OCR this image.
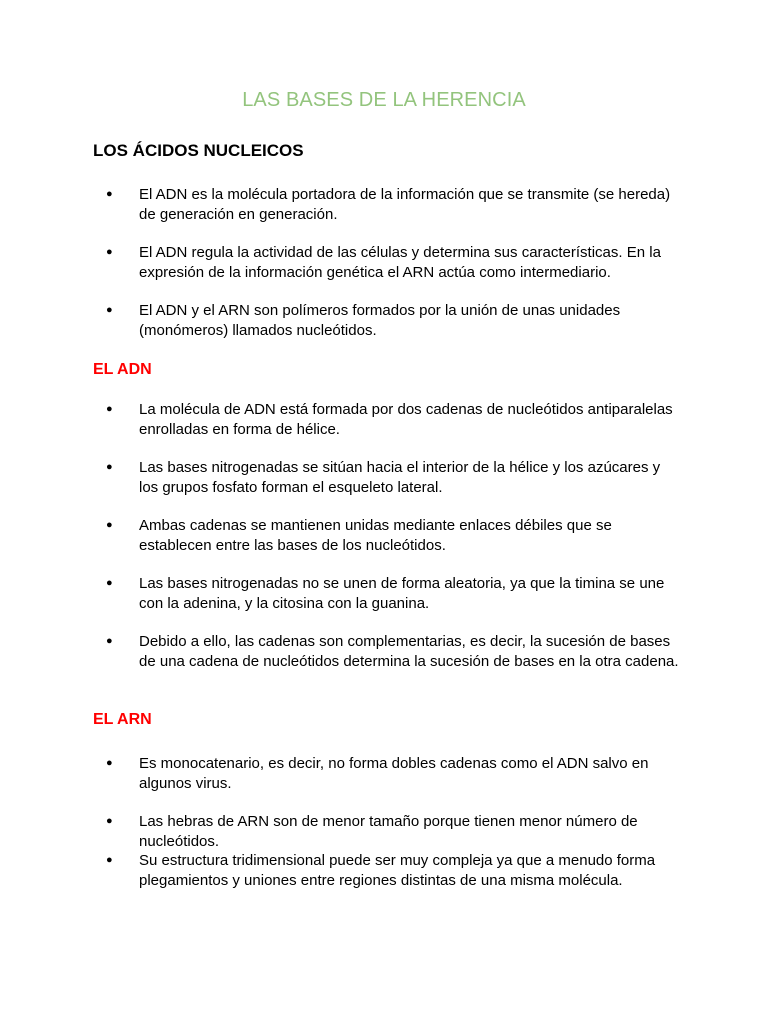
LAS BASES DE LA HERENCIA
LOS ÁCIDOS NUCLEICOS
● El ADN es la molécula portadora de la información que se transmite (se hereda) de generación en generación.
● El ADN regula la actividad de las células y determina sus características. En la expresión de la información genética el ARN actúa como intermediario.
● El ADN y el ARN son polímeros formados por la unión de unas unidades (monómeros) llamados nucleótidos.
EL ADN
● La molécula de ADN está formada por dos cadenas de nucleótidos antiparalelas enrolladas en forma de hélice.
● Las bases nitrogenadas se sitúan hacia el interior de la hélice y los azúcares y los grupos fosfato forman el esqueleto lateral.
● Ambas cadenas se mantienen unidas mediante enlaces débiles que se establecen entre las bases de los nucleótidos.
● Las bases nitrogenadas no se unen de forma aleatoria, ya que la timina se une con la adenina, y la citosina con la guanina.
● Debido a ello, las cadenas son complementarias, es decir, la sucesión de bases de una cadena de nucleótidos determina la sucesión de bases en la otra cadena.
EL ARN
● Es monocatenario, es decir, no forma dobles cadenas como el ADN salvo en algunos virus.
● Las hebras de ARN son de menor tamaño porque tienen menor número de nucleótidos.
● Su estructura tridimensional puede ser muy compleja ya que a menudo forma plegamientos y uniones entre regiones distintas de una misma molécula.
